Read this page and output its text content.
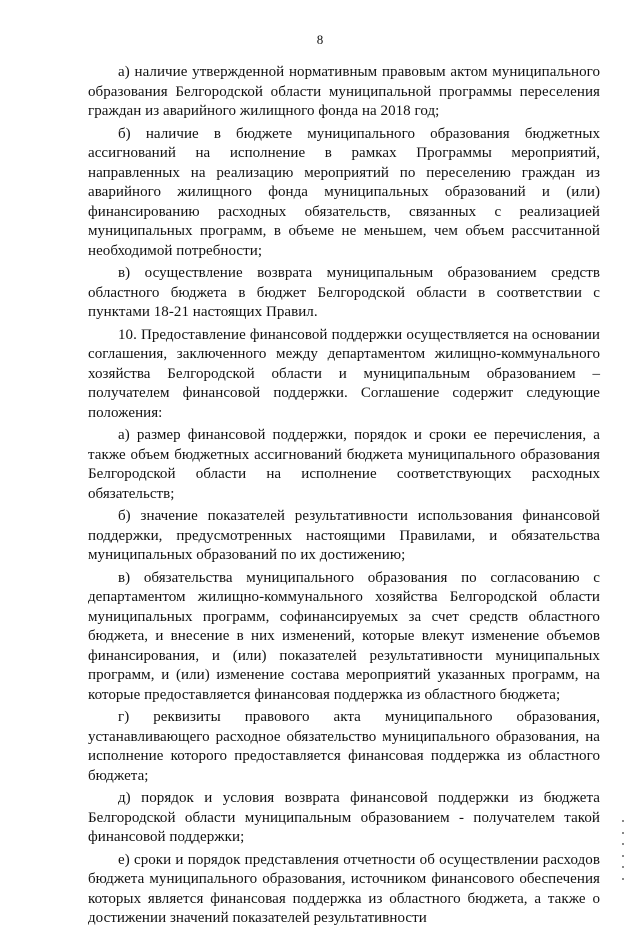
8

а) наличие утвержденной нормативным правовым актом муниципального образования Белгородской области муниципальной программы переселения граждан из аварийного жилищного фонда на 2018 год;

б) наличие в бюджете муниципального образования бюджетных ассигнований на исполнение в рамках Программы мероприятий, направленных на реализацию мероприятий по переселению граждан из аварийного жилищного фонда муниципальных образований и (или) финансированию расходных обязательств, связанных с реализацией муниципальных программ, в объеме не меньшем, чем объем рассчитанной необходимой потребности;

в) осуществление возврата муниципальным образованием средств областного бюджета в бюджет Белгородской области в соответствии с пунктами 18-21 настоящих Правил.

10. Предоставление финансовой поддержки осуществляется на основании соглашения, заключенного между департаментом жилищно-коммунального хозяйства Белгородской области и муниципальным образованием – получателем финансовой поддержки. Соглашение содержит следующие положения:

а) размер финансовой поддержки, порядок и сроки ее перечисления, а также объем бюджетных ассигнований бюджета муниципального образования Белгородской области на исполнение соответствующих расходных обязательств;

б) значение показателей результативности использования финансовой поддержки, предусмотренных настоящими Правилами, и обязательства муниципальных образований по их достижению;

в) обязательства муниципального образования по согласованию с департаментом жилищно-коммунального хозяйства Белгородской области муниципальных программ, софинансируемых за счет средств областного бюджета, и внесение в них изменений, которые влекут изменение объемов финансирования, и (или) показателей результативности муниципальных программ, и (или) изменение состава мероприятий указанных программ, на которые предоставляется финансовая поддержка из областного бюджета;

г) реквизиты правового акта муниципального образования, устанавливающего расходное обязательство муниципального образования, на исполнение которого предоставляется финансовая поддержка из областного бюджета;

д) порядок и условия возврата финансовой поддержки из бюджета Белгородской области муниципальным образованием - получателем такой финансовой поддержки;

е) сроки и порядок представления отчетности об осуществлении расходов бюджета муниципального образования, источником финансового обеспечения которых является финансовая поддержка из областного бюджета, а также о достижении значений показателей результативности
